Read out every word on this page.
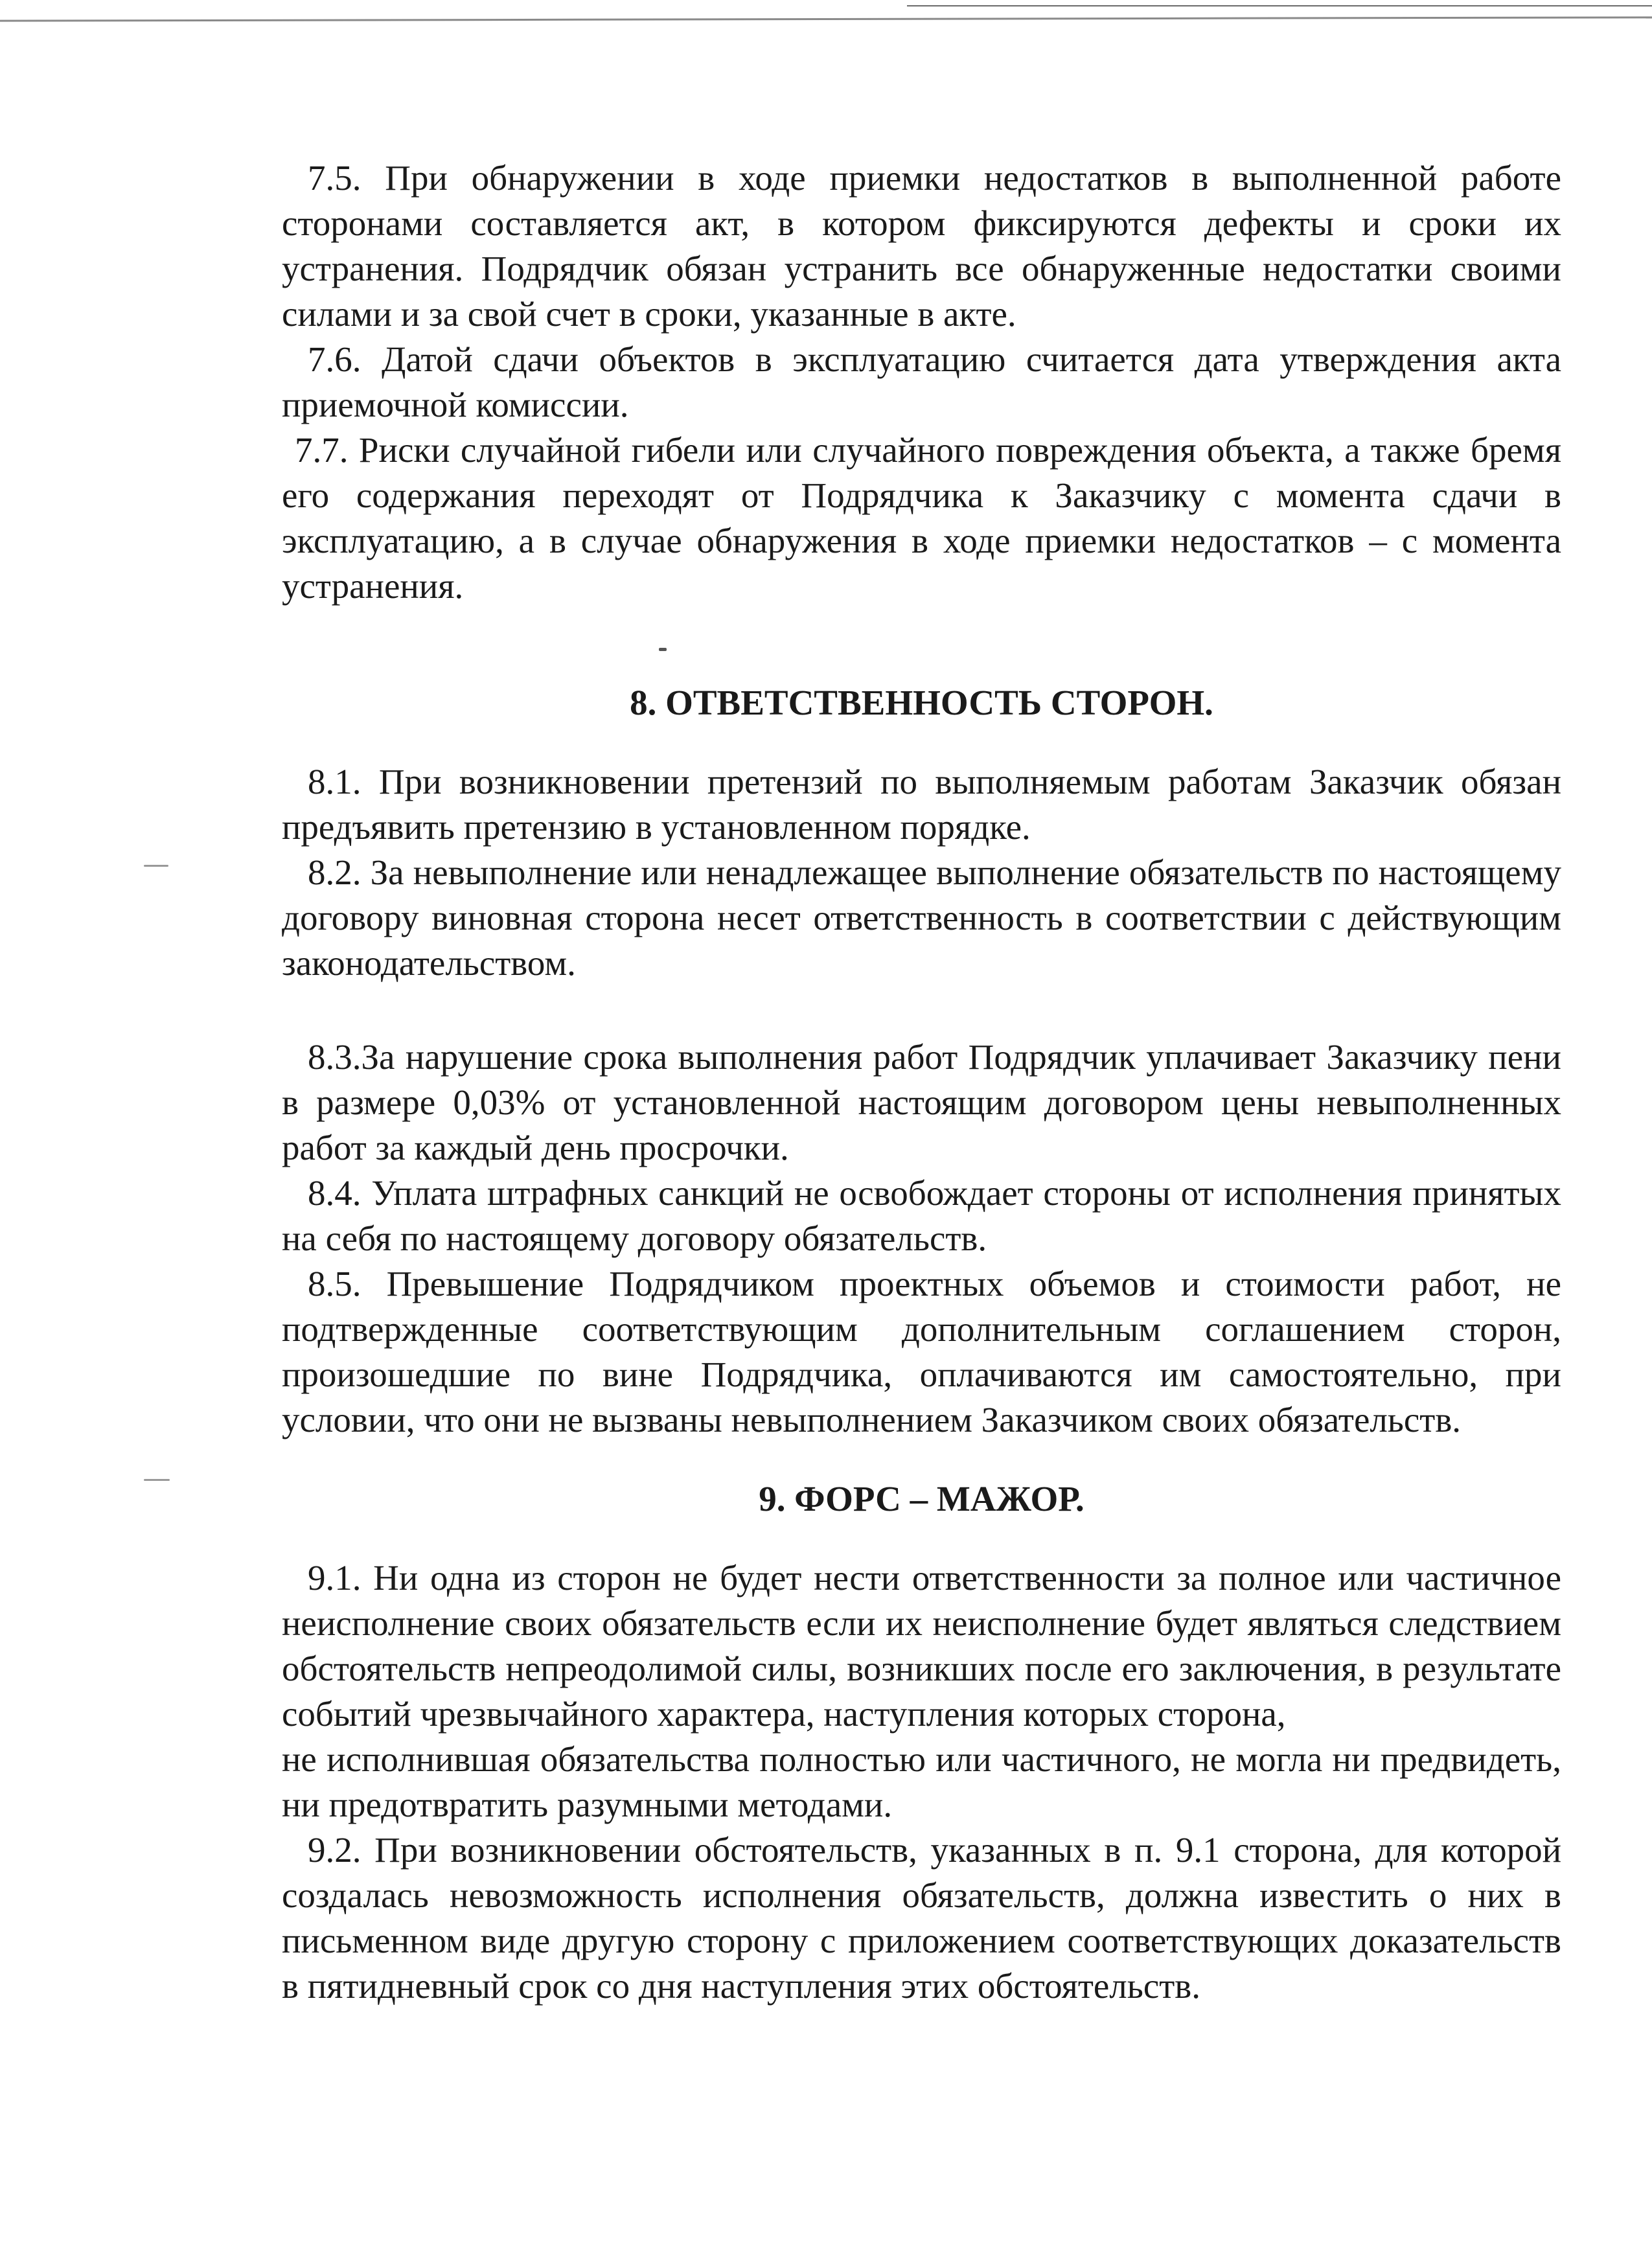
7.5. При обнаружении в ходе приемки недостатков в выполненной работе сторонами составляется акт, в котором фиксируются дефекты и сроки их устранения. Подрядчик обязан устранить все обнаруженные недостатки своими силами и за свой счет в сроки, указанные в акте.

7.6. Датой сдачи объектов в эксплуатацию считается дата утверждения акта приемочной комиссии.

7.7. Риски случайной гибели или случайного повреждения объекта, а также бремя его содержания переходят от Подрядчика к Заказчику с момента сдачи в эксплуатацию, а в случае обнаружения в ходе приемки недостатков – с момента устранения.

8. ОТВЕТСТВЕННОСТЬ СТОРОН.

8.1. При возникновении претензий по выполняемым работам Заказчик обязан предъявить претензию в установленном порядке.

8.2. За невыполнение или ненадлежащее выполнение обязательств по настоящему договору виновная сторона несет ответственность в соответствии с действующим законодательством.

8.3.За нарушение срока выполнения работ Подрядчик уплачивает Заказчику пени в размере 0,03% от установленной настоящим договором цены невыполненных работ за каждый день просрочки.

8.4. Уплата штрафных санкций не освобождает стороны от исполнения принятых на себя по настоящему договору обязательств.

8.5. Превышение Подрядчиком проектных объемов и стоимости работ, не подтвержденные соответствующим дополнительным соглашением сторон, произошедшие по вине Подрядчика, оплачиваются им самостоятельно, при условии, что они не вызваны невыполнением Заказчиком своих обязательств.

9. ФОРС – МАЖОР.

9.1. Ни одна из сторон не будет нести ответственности за полное или частичное неисполнение своих обязательств если их неисполнение будет являться следствием обстоятельств непреодолимой силы, возникших после его заключения, в результате событий чрезвычайного характера, наступления которых сторона,

не исполнившая обязательства полностью или частичного, не могла ни предвидеть, ни предотвратить разумными методами.

9.2. При возникновении обстоятельств, указанных в п. 9.1 сторона, для которой создалась невозможность исполнения обязательств, должна известить о них в письменном виде другую сторону с приложением соответствующих доказательств в пятидневный срок со дня наступления этих обстоятельств.
